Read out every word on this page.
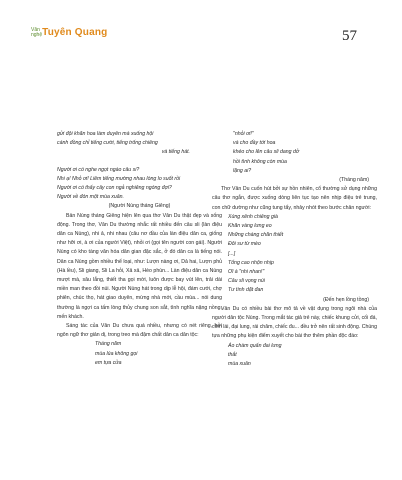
Văn
nghệ Tuyên Quang	57
gửi đội khăn hoa làm duyên mà xuống hội
cánh đồng chỉ tiếng cười, tiếng trống chiêng
và tiếng hát.
Người ơi có nghe ngọt ngào câu si?
Nhi ạ! Nhỏ ơi! Liêm tiếng mường nhau lòng lo suốt rồi
Người ơi có thấy cây con ngả nghiêng ngóng đợi?
Người về đón một mùa xuân.
(Người Nùng tháng Giêng)

Bản Nùng tháng Giêng hiện lên qua thơ Vân Du thật đẹp và sống động. Trong thơ, Vân Du thường nhắc rất nhiều đến câu sli (làn điệu dân ca Nùng), nhi ả, nhi nhau (câu nơ đầu của làn điệu dân ca, giống như hỡi ơi, à ơi của người Việt), nhỏi ơi (gọi tên người con gái). Người Nùng có kho tàng văn hóa dân gian đặc sắc, ở đó dân ca là tiếng nói. Dân ca Nùng gồm nhiều thể loại, như: Lượn nàng ơi, Dả hai, Lượn phủ (Hà lều), Sli giang, Sli La hỏi, Xả xả, Hèo phùn... Làn điệu dân ca Nùng mượt mà, sâu lắng, thiết tha gọi mời, luôn được bay vút lên, trải dài miền man theo đồi núi. Người Nùng hát trong dịp lễ hội, đám cưới, chợ phiên, chúc thọ, hát giao duyên, mừng nhà mới, cầu mùa... nói dung thường là ngợi ca tấm lòng thủy chung son sắt, tình nghĩa nặng nồng, mến khách.

Sáng tác của Vân Du chưa quá nhiều, nhưng có nét riêng, bởi ngôn ngữ thơ giản dị, trong treo mà đậm chất dân ca dân tộc:

Tháng năm
mùa lúa không gọi
em tựa cửa
"nhỏi ơi!"
và cho đầy tới hoa
khéo cho lên câu sli dang dở
hồi tình không còn mùa
lặng ai?
(Tháng năm)

Thơ Vân Du cuốn hút bởi sự hồn nhiên, cổ thường sử dụng những câu thơ ngắn, được xuống dòng liên tục tạo nên nhịp điệu trẻ trung, con chữ dường như cũng tung tẩy, nhảy nhót theo bước chân người:

Xúng xênh chiêng già
Khăn vàng lưng eo
Những chàng chăn thiết
Đôi sư từ mèo
[...]
Tổng cao nhộn nhịp
Ơi à "nhi nhan!"
Câu sli vọng núi
Tư tình dặt đan
(Đến hẹn lồng tồng)

Vân Du có nhiều bài thơ mô tả về vật dụng trong ngôi nhà của người dân tộc Nùng. Trong mắt tác giả trẻ này, chiếc khung cửi, cối đá, cồm lái, đại lung, rái chăm, chiếc đu... đều trở nên rất sinh động. Chúng tựa những phụ kiện điểm xuyết cho bài thơ thêm phần độc đáo:

Áo chàm quấn đai lưng
thắt
mùa xuân
